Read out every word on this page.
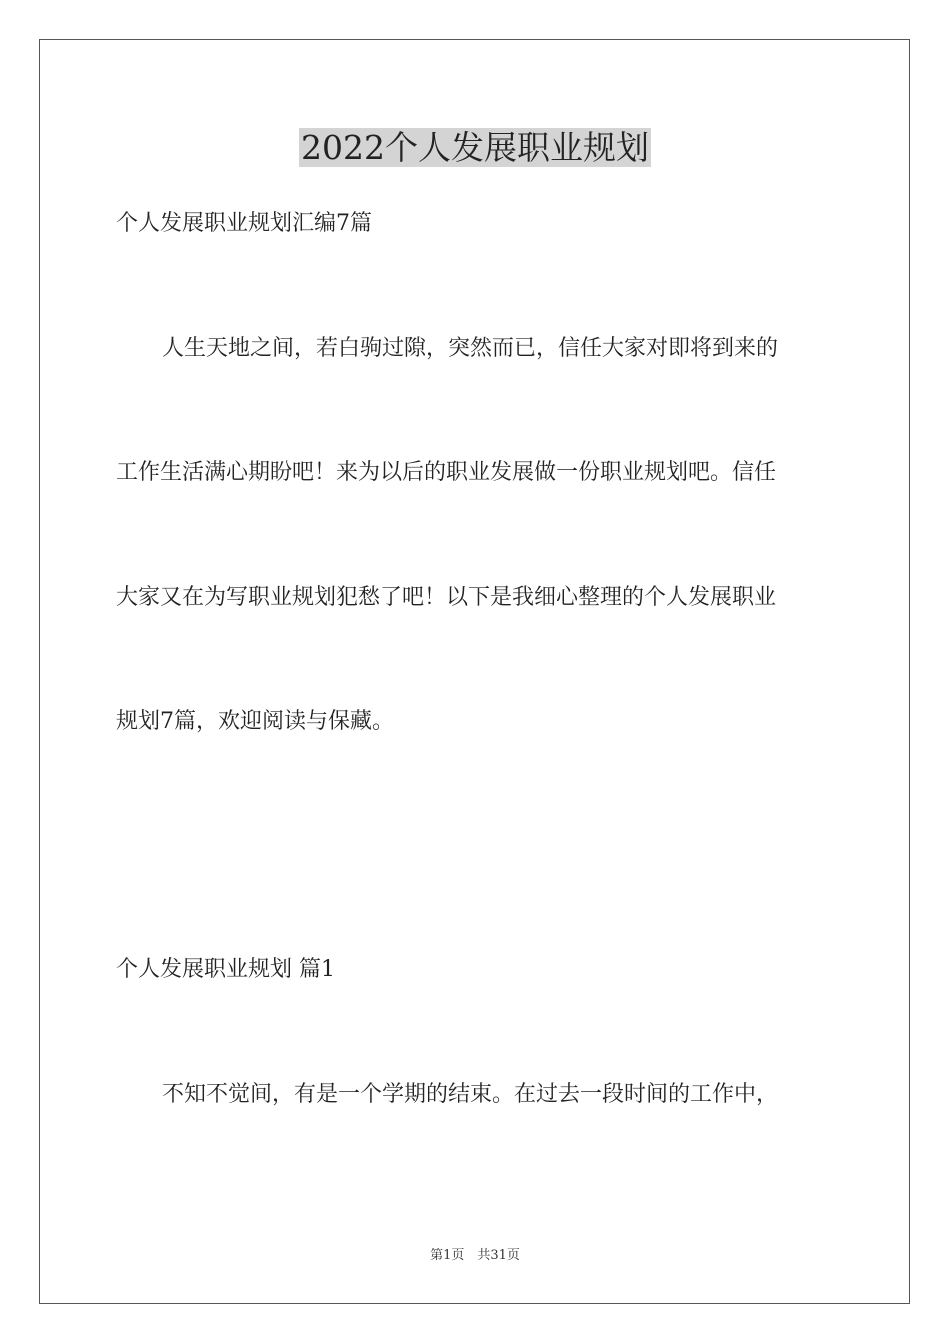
2022个人发展职业规划
个人发展职业规划汇编7篇
人生天地之间，若白驹过隙，突然而已，信任大家对即将到来的
工作生活满心期盼吧！来为以后的职业发展做一份职业规划吧。信任
大家又在为写职业规划犯愁了吧！以下是我细心整理的个人发展职业
规划7篇，欢迎阅读与保藏。
个人发展职业规划 篇1
不知不觉间，有是一个学期的结束。在过去一段时间的工作中，
第1页　共31页
